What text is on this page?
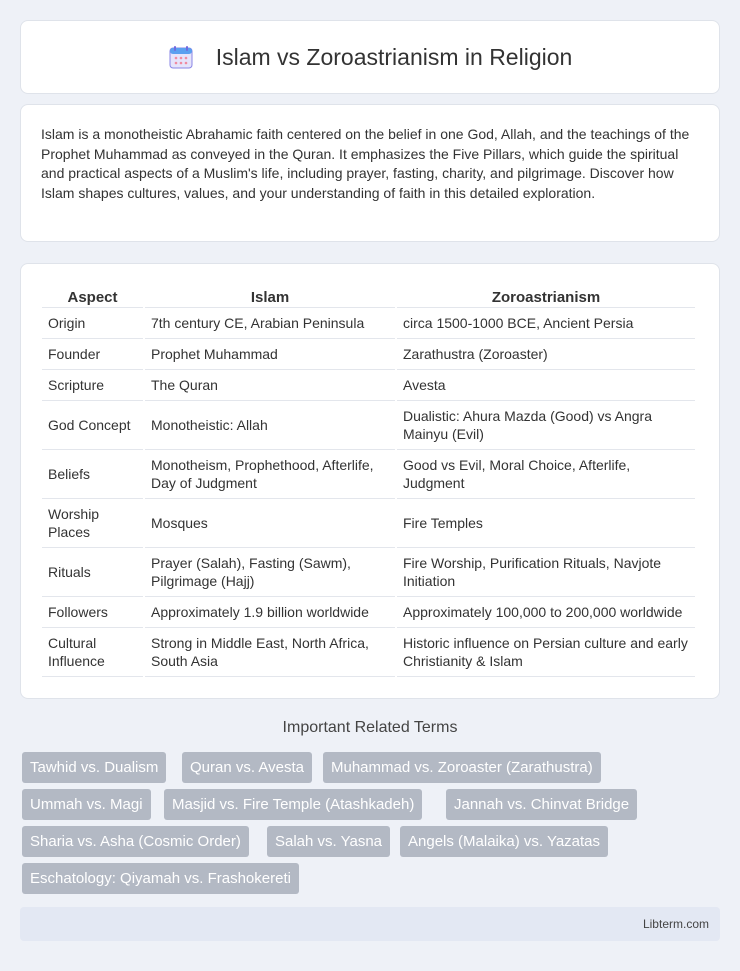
Islam vs Zoroastrianism in Religion

Islam is a monotheistic Abrahamic faith centered on the belief in one God, Allah, and the teachings of the Prophet Muhammad as conveyed in the Quran. It emphasizes the Five Pillars, which guide the spiritual and practical aspects of a Muslim's life, including prayer, fasting, charity, and pilgrimage. Discover how Islam shapes cultures, values, and your understanding of faith in this detailed exploration.

Aspect	Islam	Zoroastrianism
Origin	7th century CE, Arabian Peninsula	circa 1500-1000 BCE, Ancient Persia
Founder	Prophet Muhammad	Zarathustra (Zoroaster)
Scripture	The Quran	Avesta
God Concept	Monotheistic: Allah	Dualistic: Ahura Mazda (Good) vs Angra Mainyu (Evil)
Beliefs	Monotheism, Prophethood, Afterlife, Day of Judgment	Good vs Evil, Moral Choice, Afterlife, Judgment
Worship Places	Mosques	Fire Temples
Rituals	Prayer (Salah), Fasting (Sawm), Pilgrimage (Hajj)	Fire Worship, Purification Rituals, Navjote Initiation
Followers	Approximately 1.9 billion worldwide	Approximately 100,000 to 200,000 worldwide
Cultural Influence	Strong in Middle East, North Africa, South Asia	Historic influence on Persian culture and early Christianity & Islam
Important Related Terms
Tawhid vs. Dualism	Quran vs. Avesta	Muhammad vs. Zoroaster (Zarathustra)
Ummah vs. Magi	Masjid vs. Fire Temple (Atashkadeh)	Jannah vs. Chinvat Bridge
Sharia vs. Asha (Cosmic Order)	Salah vs. Yasna	Angels (Malaika) vs. Yazatas
Eschatology: Qiyamah vs. Frashokereti
Libterm.com
